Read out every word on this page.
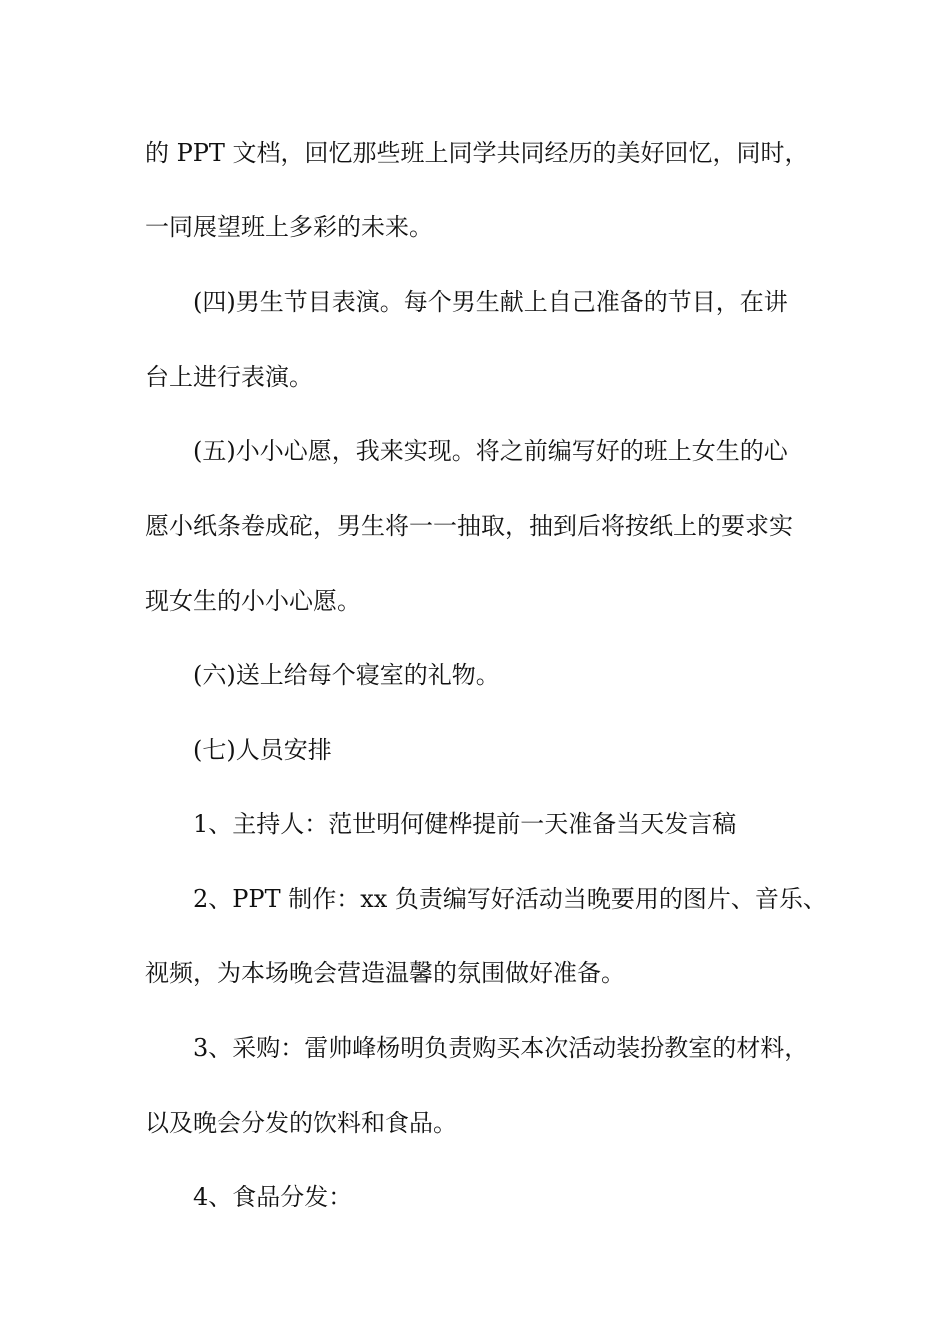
的 PPT 文档，回忆那些班上同学共同经历的美好回忆，同时，

一同展望班上多彩的未来。

(四)男生节目表演。每个男生献上自己准备的节目，在讲

台上进行表演。

(五)小小心愿，我来实现。将之前编写好的班上女生的心

愿小纸条卷成砣，男生将一一抽取，抽到后将按纸上的要求实

现女生的小小心愿。

(六)送上给每个寝室的礼物。

(七)人员安排

1、主持人：范世明何健桦提前一天准备当天发言稿

2、PPT 制作：xx 负责编写好活动当晚要用的图片、音乐、

视频，为本场晚会营造温馨的氛围做好准备。

3、采购：雷帅峰杨明负责购买本次活动装扮教室的材料，

以及晚会分发的饮料和食品。

4、食品分发：
